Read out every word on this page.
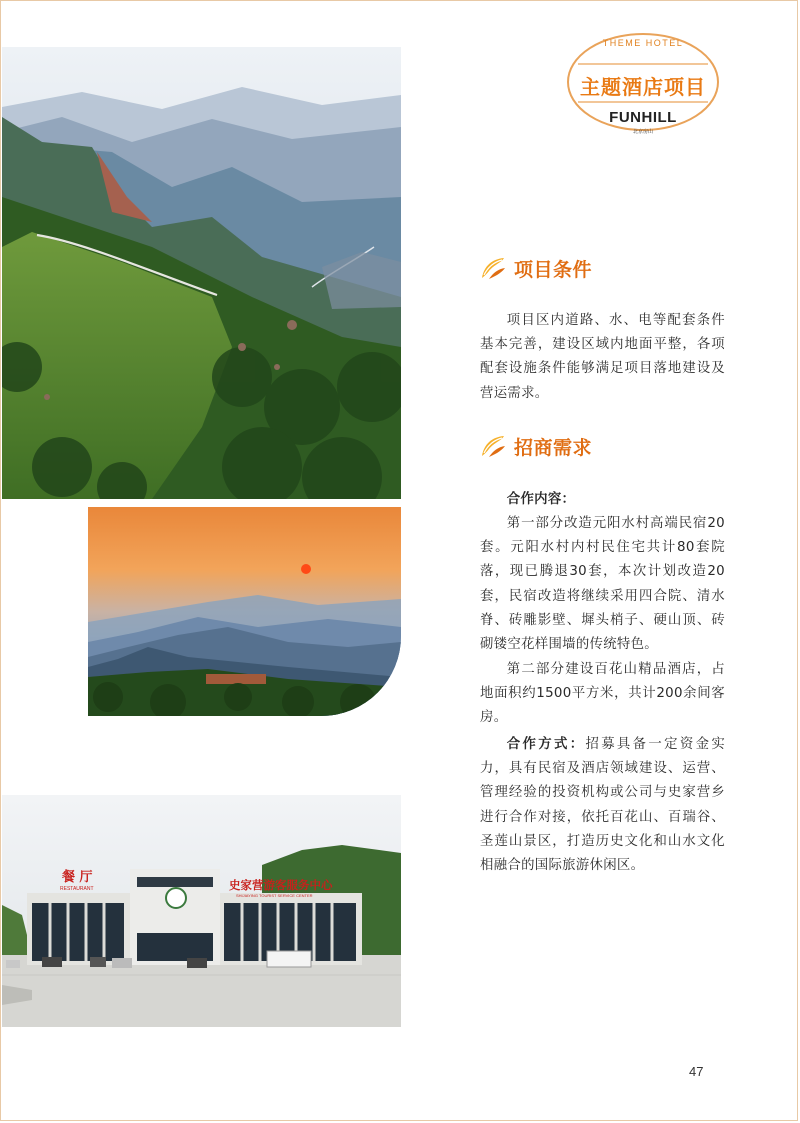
餐 厅
RESTAURANT	史家营游客服务中心
SHIJIAYING TOURIST SERVICE CENTER
THEME HOTEL
主题酒店项目
FUNHILL
北京房山
项目条件

项目区内道路、水、电等配套条件基本完善，建设区域内地面平整，各项配套设施条件能够满足项目落地建设及营运需求。

招商需求

合作内容：

第一部分改造元阳水村高端民宿20套。元阳水村内村民住宅共计80套院落，现已腾退30套，本次计划改造20套，民宿改造将继续采用四合院、清水脊、砖雕影壁、墀头梢子、硬山顶、砖砌镂空花样围墙的传统特色。

第二部分建设百花山精品酒店，占地面积约1500平方米，共计200余间客房。

合作方式：招募具备一定资金实力，具有民宿及酒店领域建设、运营、管理经验的投资机构或公司与史家营乡进行合作对接，依托百花山、百瑞谷、圣莲山景区，打造历史文化和山水文化相融合的国际旅游休闲区。

47
